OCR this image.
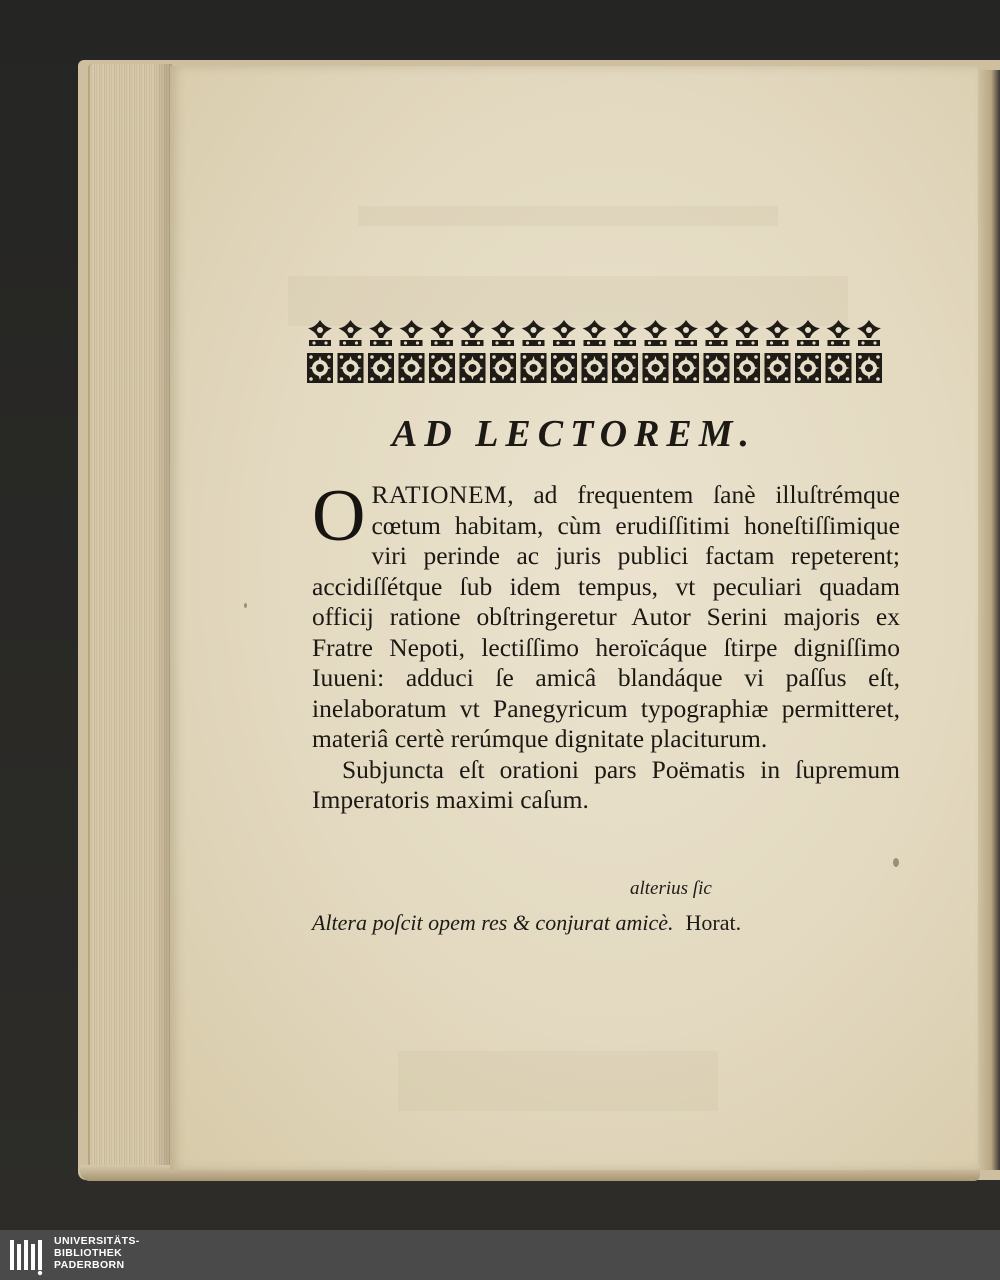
AD LECTOREM.

ORATIONEM, ad frequentem ſanè illuſtrémque cœtum habitam, cùm erudiſſitimi honeſtiſſimique viri perinde ac juris publici factam repeterent; accidiſſétque ſub idem tempus, vt peculiari quadam officij ratione obſtringeretur Autor Serini majoris ex Fratre Nepoti, lectiſſimo heroïcáque ſtirpe digniſſimo Iuueni: adduci ſe amicâ blandáque vi paſſus eſt, inelaboratum vt Panegyricum typographiæ permitteret, materiâ certè rerúmque dignitate placiturum.

Subjuncta eſt orationi pars Poëmatis in ſupremum Imperatoris maximi caſum.

alterius ſic
Altera poſcit opem res & conjurat amicè. Horat.
UNIVERSITÄTS-
BIBLIOTHEK
PADERBORN
